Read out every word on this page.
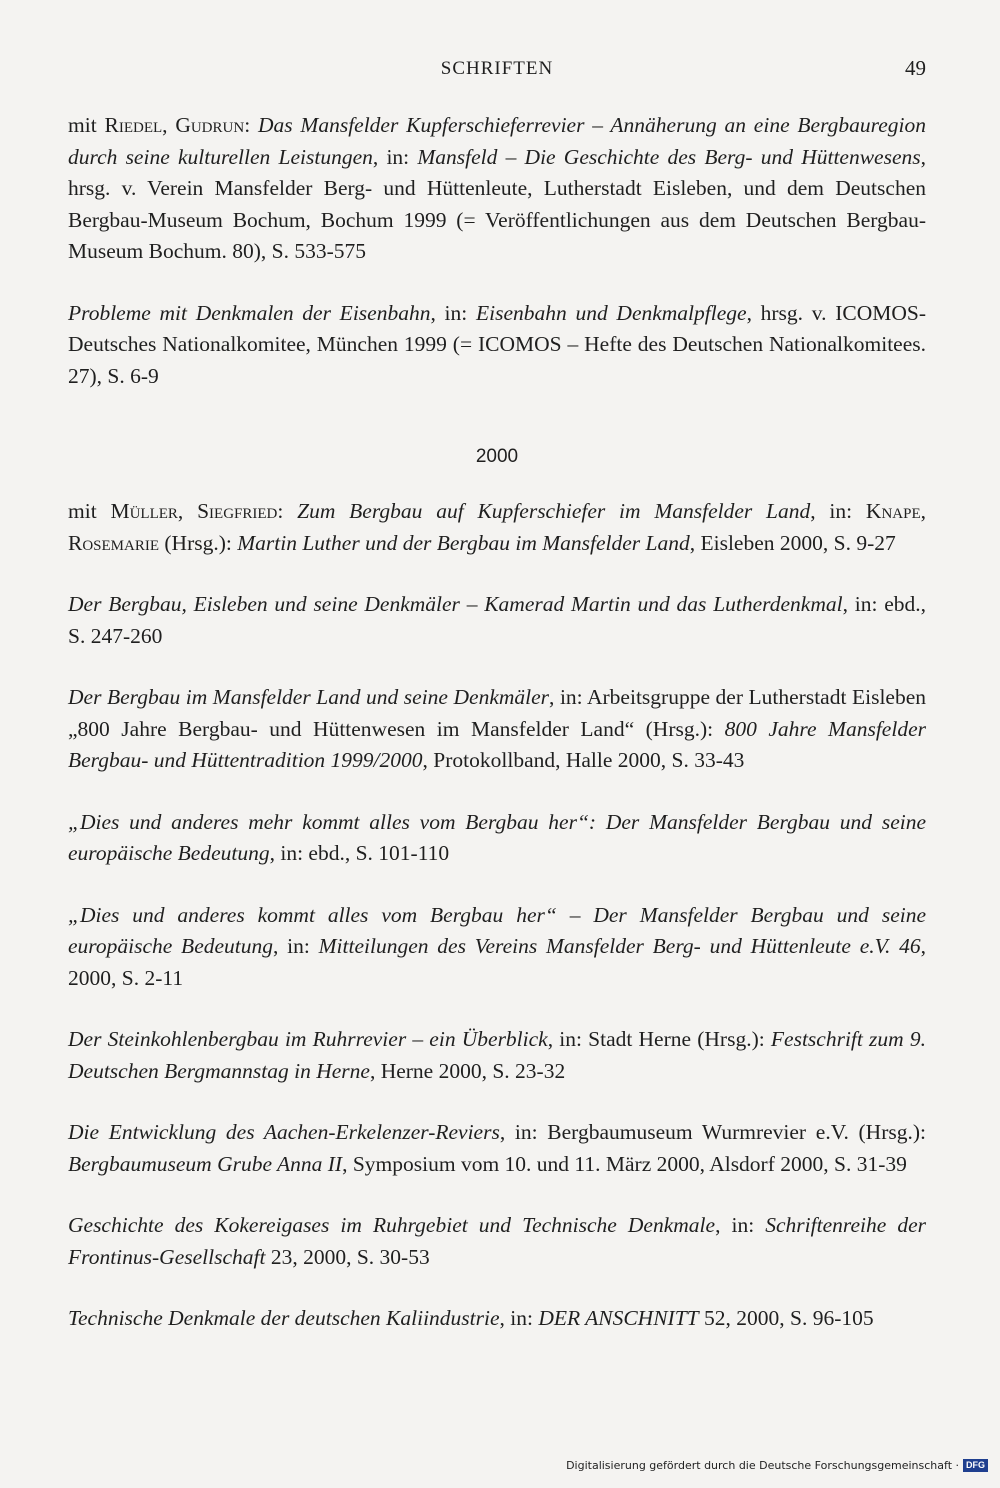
SCHRIFTEN	49

mit Riedel, Gudrun: Das Mansfelder Kupferschieferrevier – Annäherung an eine Bergbauregion durch seine kulturellen Leistungen, in: Mansfeld – Die Geschichte des Berg- und Hüttenwesens, hrsg. v. Verein Mansfelder Berg- und Hüttenleute, Lutherstadt Eisleben, und dem Deutschen Bergbau-Museum Bochum, Bochum 1999 (= Veröffentlichungen aus dem Deutschen Bergbau-Museum Bochum. 80), S. 533-575

Probleme mit Denkmalen der Eisenbahn, in: Eisenbahn und Denkmalpflege, hrsg. v. ICOMOS-Deutsches Nationalkomitee, München 1999 (= ICOMOS – Hefte des Deutschen Nationalkomitees. 27), S. 6-9

2000

mit Müller, Siegfried: Zum Bergbau auf Kupferschiefer im Mansfelder Land, in: Knape, Rosemarie (Hrsg.): Martin Luther und der Bergbau im Mansfelder Land, Eisleben 2000, S. 9-27

Der Bergbau, Eisleben und seine Denkmäler – Kamerad Martin und das Lutherdenkmal, in: ebd., S. 247-260

Der Bergbau im Mansfelder Land und seine Denkmäler, in: Arbeitsgruppe der Lutherstadt Eisleben „800 Jahre Bergbau- und Hüttenwesen im Mansfelder Land“ (Hrsg.): 800 Jahre Mansfelder Bergbau- und Hüttentradition 1999/2000, Protokollband, Halle 2000, S. 33-43

„Dies und anderes mehr kommt alles vom Bergbau her“: Der Mansfelder Bergbau und seine europäische Bedeutung, in: ebd., S. 101-110

„Dies und anderes kommt alles vom Bergbau her“ – Der Mansfelder Bergbau und seine europäische Bedeutung, in: Mitteilungen des Vereins Mansfelder Berg- und Hüttenleute e.V. 46, 2000, S. 2-11

Der Steinkohlenbergbau im Ruhrrevier – ein Überblick, in: Stadt Herne (Hrsg.): Festschrift zum 9. Deutschen Bergmannstag in Herne, Herne 2000, S. 23-32

Die Entwicklung des Aachen-Erkelenzer-Reviers, in: Bergbaumuseum Wurmrevier e.V. (Hrsg.): Bergbaumuseum Grube Anna II, Symposium vom 10. und 11. März 2000, Alsdorf 2000, S. 31-39

Geschichte des Kokereigases im Ruhrgebiet und Technische Denkmale, in: Schriftenreihe der Frontinus-Gesellschaft 23, 2000, S. 30-53

Technische Denkmale der deutschen Kaliindustrie, in: DER ANSCHNITT 52, 2000, S. 96-105

Digitalisierung gefördert durch die Deutsche Forschungsgemeinschaft · DFG
